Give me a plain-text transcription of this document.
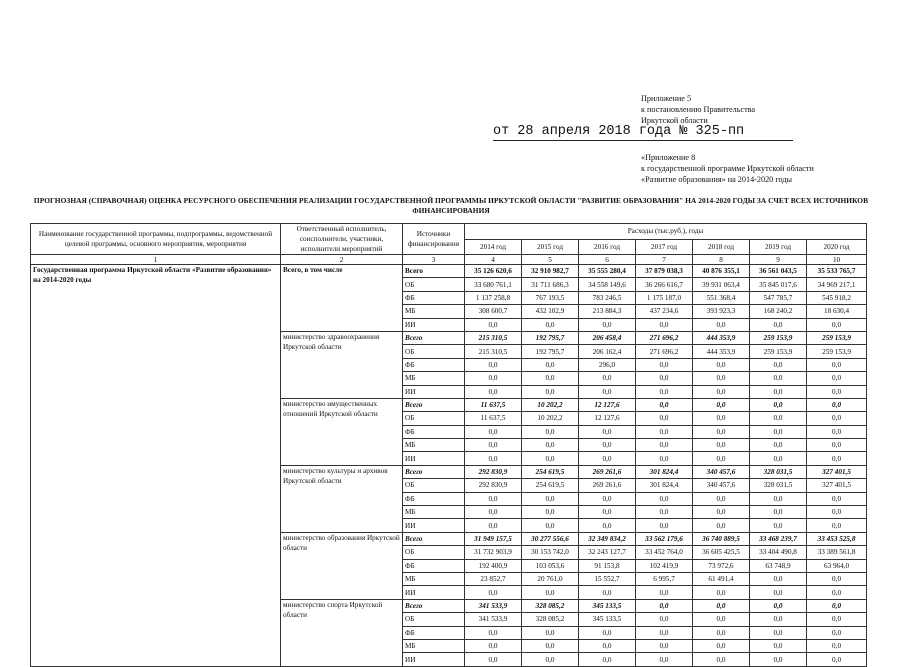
Приложение 5
к постановлению Правительства
Иркутской области
от 28 апреля 2018 года № 325-пп
«Приложение 8
к государственной программе Иркутской области
«Развитие образования» на 2014-2020 годы
ПРОГНОЗНАЯ (СПРАВОЧНАЯ) ОЦЕНКА РЕСУРСНОГО ОБЕСПЕЧЕНИЯ РЕАЛИЗАЦИИ ГОСУДАРСТВЕННОЙ ПРОГРАММЫ ИРКУТСКОЙ ОБЛАСТИ "РАЗВИТИЕ ОБРАЗОВАНИЯ" НА 2014-2020 ГОДЫ ЗА СЧЕТ ВСЕХ ИСТОЧНИКОВ ФИНАНСИРОВАНИЯ
Наименование государственной программы, подпрограммы, ведомственной целевой программы, основного мероприятия, мероприятия	Ответственный исполнитель, соисполнители, участники, исполнители мероприятий	Источники финансирования	Расходы (тыс.руб.), годы						
			2014 год	2015 год	2016 год	2017 год	2018 год	2019 год	2020 год
1	2	3	4	5	6	7	8	9	10
Государственная программа Иркутской области «Развитие образования» на 2014-2020 годы	Всего, в том числе	Всего	35 126 620,6	32 910 982,7	35 555 280,4	37 879 038,3	40 876 355,1	36 561 043,5	35 533 765,7
		ОБ	33 680 761,1	31 711 686,3	34 558 149,6	36 266 616,7	39 931 063,4	35 845 017,6	34 969 217,1
		ФБ	1 137 258,8	767 193,5	783 246,5	1 175 187,0	551 368,4	547 785,7	545 918,2
		МБ	308 600,7	432 102,9	213 884,3	437 234,6	393 923,3	168 240,2	18 630,4
		ИИ	0,0	0,0	0,0	0,0	0,0	0,0	0,0
	министерство здравоохранения Иркутской области	Всего	215 310,5	192 795,7	206 458,4	271 696,2	444 353,9	259 153,9	259 153,9
		ОБ	215 310,5	192 795,7	206 162,4	271 696,2	444 353,9	259 153,9	259 153,9
		ФБ	0,0	0,0	296,0	0,0	0,0	0,0	0,0
		МБ	0,0	0,0	0,0	0,0	0,0	0,0	0,0
		ИИ	0,0	0,0	0,0	0,0	0,0	0,0	0,0
	министерство имущественных отношений Иркутской области	Всего	11 637,5	10 202,2	12 127,6	0,0	0,0	0,0	0,0
		ОБ	11 637,5	10 202,2	12 127,6	0,0	0,0	0,0	0,0
		ФБ	0,0	0,0	0,0	0,0	0,0	0,0	0,0
		МБ	0,0	0,0	0,0	0,0	0,0	0,0	0,0
		ИИ	0,0	0,0	0,0	0,0	0,0	0,0	0,0
	министерство культуры и архивов Иркутской области	Всего	292 830,9	254 619,5	269 261,6	301 824,4	340 457,6	328 031,5	327 401,5
		ОБ	292 830,9	254 619,5	269 261,6	301 824,4	340 457,6	328 031,5	327 401,5
		ФБ	0,0	0,0	0,0	0,0	0,0	0,0	0,0
		МБ	0,0	0,0	0,0	0,0	0,0	0,0	0,0
		ИИ	0,0	0,0	0,0	0,0	0,0	0,0	0,0
	министерство образования Иркутской области	Всего	31 949 157,5	30 277 556,6	32 349 834,2	33 562 179,6	36 740 889,5	33 468 239,7	33 453 525,8
		ОБ	31 732 903,9	30 153 742,0	32 243 127,7	33 452 764,0	36 605 425,5	33 404 490,8	33 389 561,8
		ФБ	192 400,9	103 053,6	91 153,8	102 419,9	73 972,6	63 748,9	63 964,0
		МБ	23 852,7	20 761,0	15 552,7	6 995,7	61 491,4	0,0	0,0
		ИИ	0,0	0,0	0,0	0,0	0,0	0,0	0,0
	министерство спорта Иркутской области	Всего	341 533,9	328 085,2	345 133,5	0,0	0,0	0,0	0,0
		ОБ	341 533,9	328 085,2	345 133,5	0,0	0,0	0,0	0,0
		ФБ	0,0	0,0	0,0	0,0	0,0	0,0	0,0
		МБ	0,0	0,0	0,0	0,0	0,0	0,0	0,0
		ИИ	0,0	0,0	0,0	0,0	0,0	0,0	0,0
